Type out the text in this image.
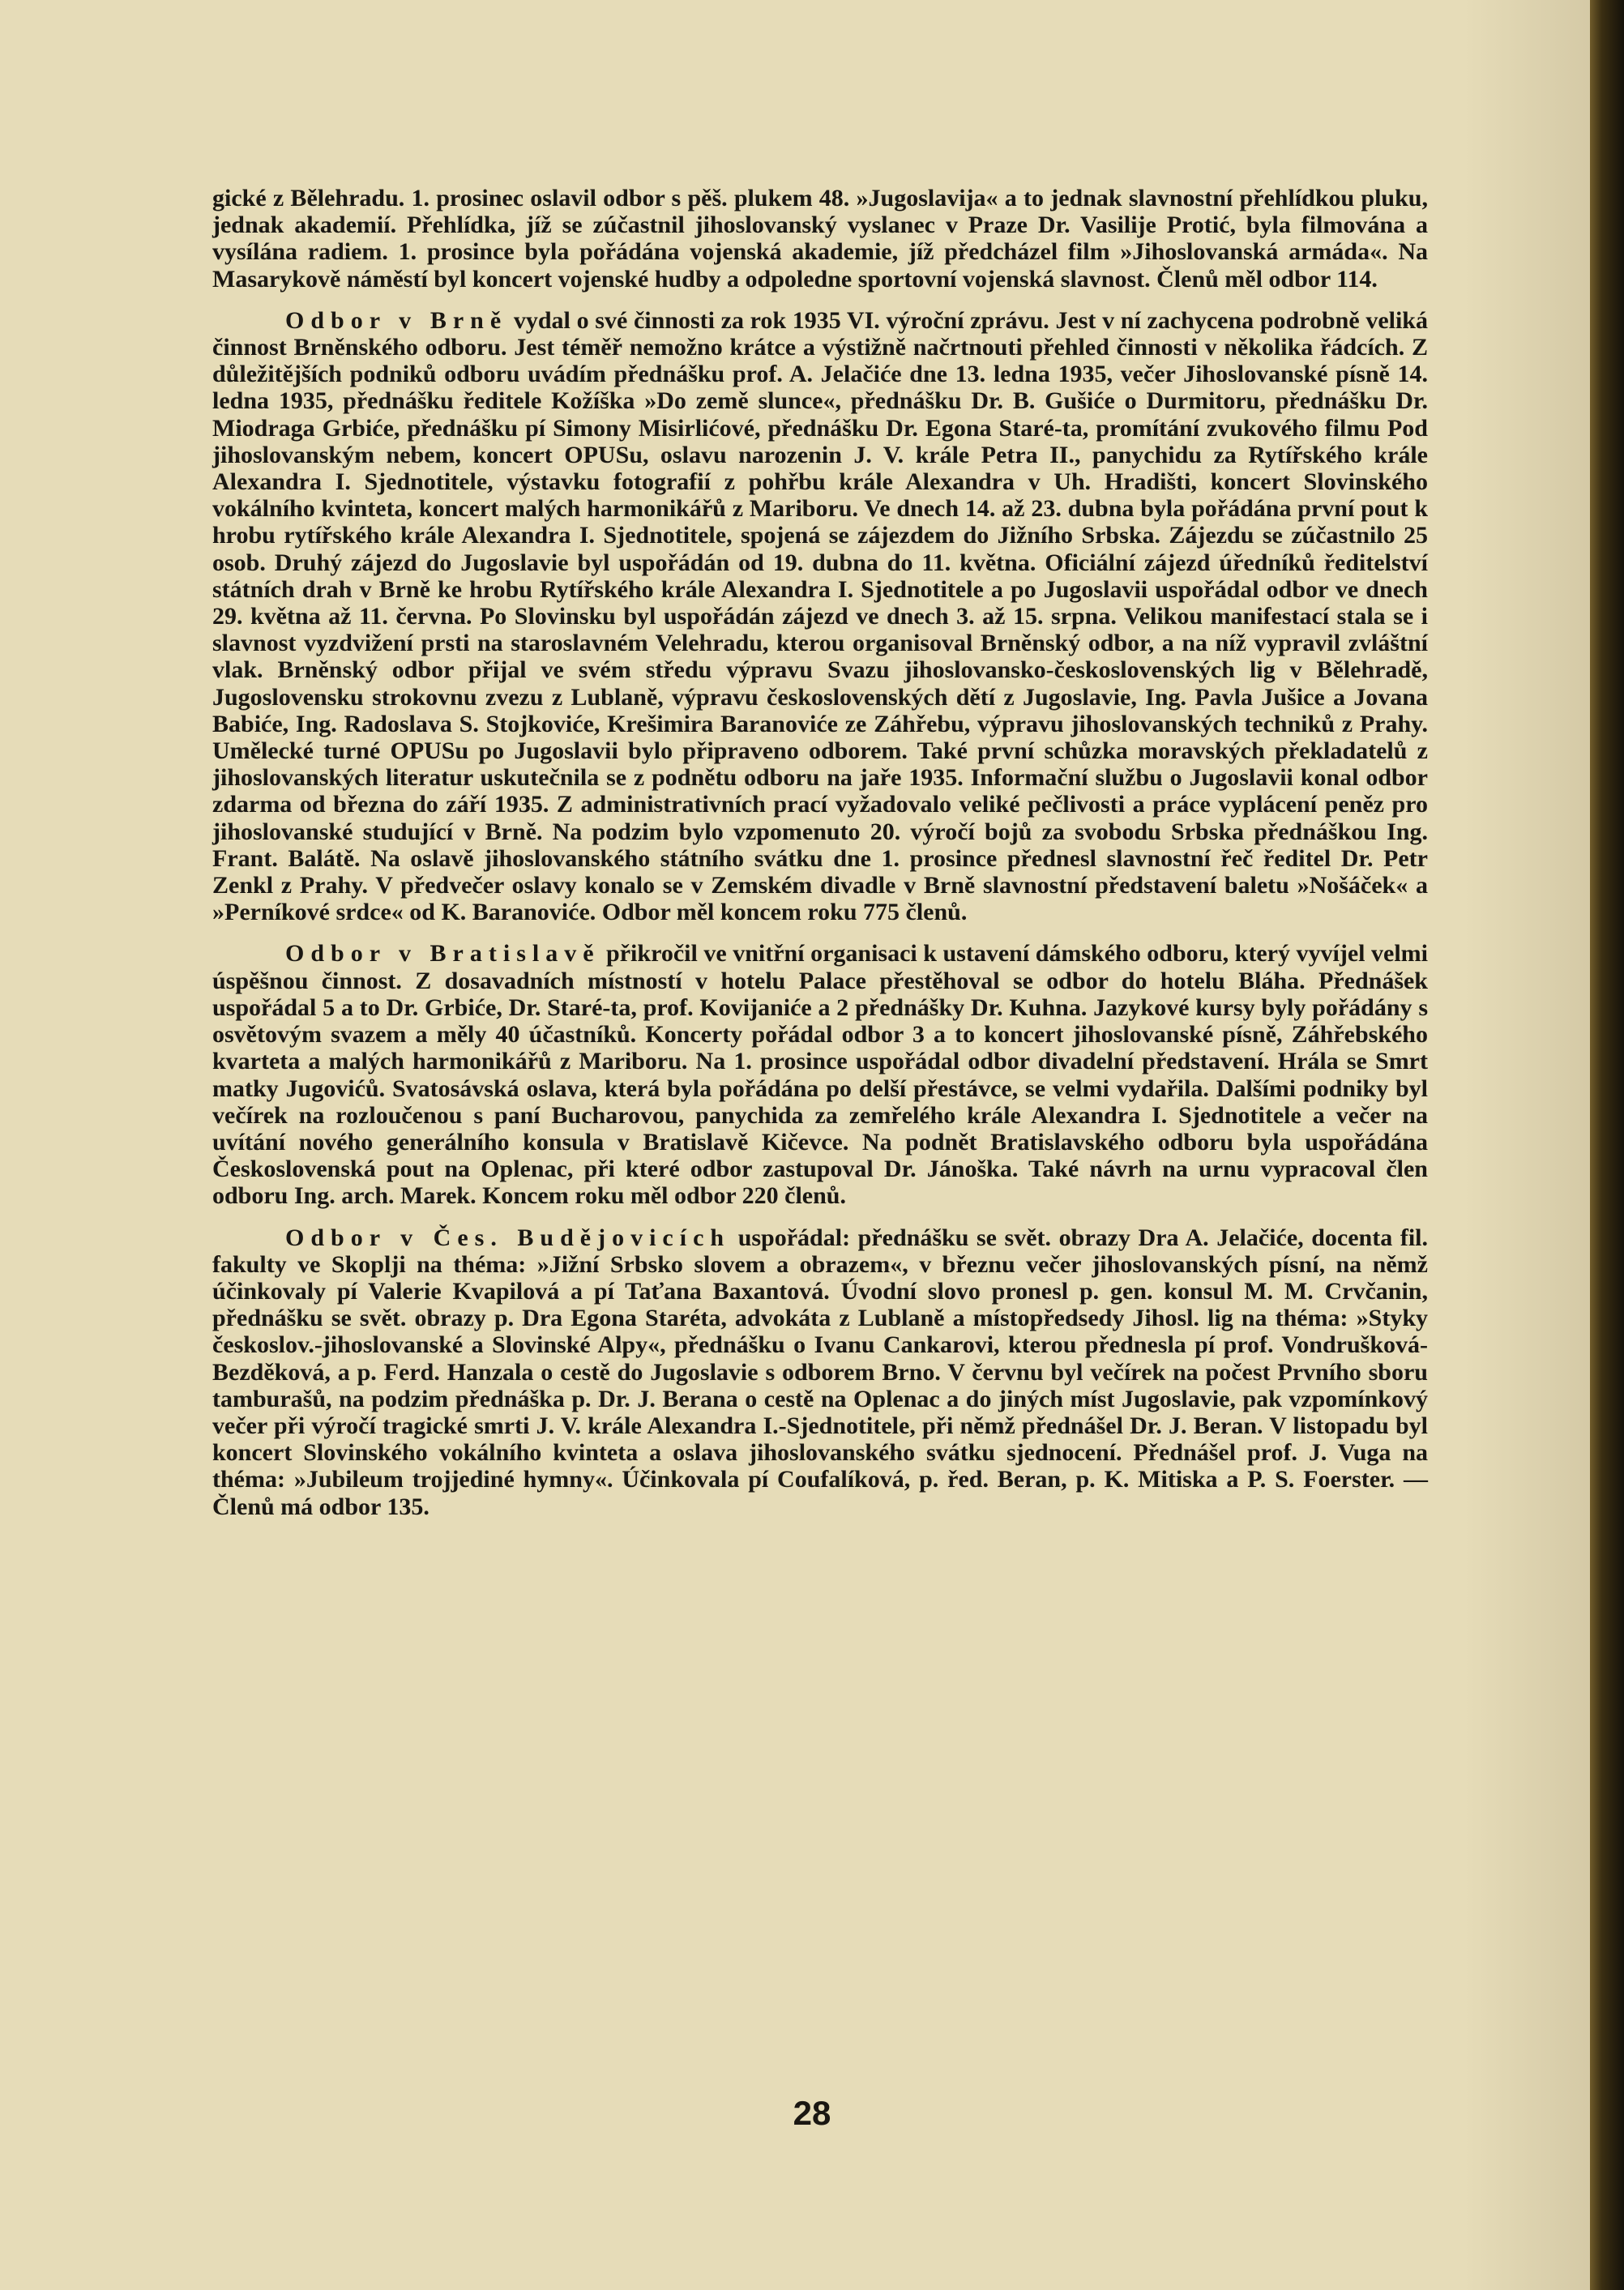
gické z Bělehradu. 1. prosinec oslavil odbor s pěš. plukem 48. »Jugoslavija« a to jednak slavnostní přehlídkou pluku, jednak akademií. Přehlídka, jíž se zúčastnil jihoslovanský vyslanec v Praze Dr. Vasilije Protić, byla filmována a vysílána radiem. 1. prosince byla pořádána vojenská akademie, jíž předcházel film »Jihoslovanská armáda«. Na Masarykově náměstí byl koncert vojenské hudby a odpoledne sportovní vojenská slavnost. Členů měl odbor 114.

Odbor v Brně vydal o své činnosti za rok 1935 VI. výroční zprávu. Jest v ní zachycena podrobně veliká činnost Brněnského odboru. Jest téměř nemožno krátce a výstižně načrtnouti přehled činnosti v několika řádcích. Z důležitějších podniků odboru uvádím přednášku prof. A. Jelačiće dne 13. ledna 1935, večer Jihoslovanské písně 14. ledna 1935, přednášku ředitele Kožíška »Do země slunce«, přednášku Dr. B. Gušiće o Durmitoru, přednášku Dr. Miodraga Grbiće, přednášku pí Simony Misirlićové, přednášku Dr. Egona Staré-ta, promítání zvukového filmu Pod jihoslovanským nebem, koncert OPUSu, oslavu narozenin J. V. krále Petra II., panychidu za Rytířského krále Alexandra I. Sjednotitele, výstavku fotografií z pohřbu krále Alexandra v Uh. Hradišti, koncert Slovinského vokálního kvinteta, koncert malých harmonikářů z Mariboru. Ve dnech 14. až 23. dubna byla pořádána první pout k hrobu rytířského krále Alexandra I. Sjednotitele, spojená se zájezdem do Jižního Srbska. Zájezdu se zúčastnilo 25 osob. Druhý zájezd do Jugoslavie byl uspořádán od 19. dubna do 11. května. Oficiální zájezd úředníků ředitelství státních drah v Brně ke hrobu Rytířského krále Alexandra I. Sjednotitele a po Jugoslavii uspořádal odbor ve dnech 29. května až 11. června. Po Slovinsku byl uspořádán zájezd ve dnech 3. až 15. srpna. Velikou manifestací stala se i slavnost vyzdvižení prsti na staroslavném Velehradu, kterou organisoval Brněnský odbor, a na níž vypravil zvláštní vlak. Brněnský odbor přijal ve svém středu výpravu Svazu jihoslovansko-československých lig v Bělehradě, Jugoslovensku strokovnu zvezu z Lublaně, výpravu československých dětí z Jugoslavie, Ing. Pavla Jušice a Jovana Babiće, Ing. Radoslava S. Stojkoviće, Krešimira Baranoviće ze Záhřebu, výpravu jihoslovanských techniků z Prahy. Umělecké turné OPUSu po Jugoslavii bylo připraveno odborem. Také první schůzka moravských překladatelů z jihoslovanských literatur uskutečnila se z podnětu odboru na jaře 1935. Informační službu o Jugoslavii konal odbor zdarma od března do září 1935. Z administrativních prací vyžadovalo veliké pečlivosti a práce vyplácení peněz pro jihoslovanské studující v Brně. Na podzim bylo vzpomenuto 20. výročí bojů za svobodu Srbska přednáškou Ing. Frant. Balátě. Na oslavě jihoslovanského státního svátku dne 1. prosince přednesl slavnostní řeč ředitel Dr. Petr Zenkl z Prahy. V předvečer oslavy konalo se v Zemském divadle v Brně slavnostní představení baletu »Nošáček« a »Perníkové srdce« od K. Baranoviće. Odbor měl koncem roku 775 členů.

Odbor v Bratislavě přikročil ve vnitřní organisaci k ustavení dámského odboru, který vyvíjel velmi úspěšnou činnost. Z dosavadních místností v hotelu Palace přestěhoval se odbor do hotelu Bláha. Přednášek uspořádal 5 a to Dr. Grbiće, Dr. Staré-ta, prof. Kovijaniće a 2 přednášky Dr. Kuhna. Jazykové kursy byly pořádány s osvětovým svazem a měly 40 účastníků. Koncerty pořádal odbor 3 a to koncert jihoslovanské písně, Záhřebského kvarteta a malých harmonikářů z Mariboru. Na 1. prosince uspořádal odbor divadelní představení. Hrála se Smrt matky Jugovićů. Svatosávská oslava, která byla pořádána po delší přestávce, se velmi vydařila. Dalšími podniky byl večírek na rozloučenou s paní Bucharovou, panychida za zemřelého krále Alexandra I. Sjednotitele a večer na uvítání nového generálního konsula v Bratislavě Kičevce. Na podnět Bratislavského odboru byla uspořádána Československá pout na Oplenac, při které odbor zastupoval Dr. Jánoška. Také návrh na urnu vypracoval člen odboru Ing. arch. Marek. Koncem roku měl odbor 220 členů.

Odbor v Čes. Budějovicích uspořádal: přednášku se svět. obrazy Dra A. Jelačiće, docenta fil. fakulty ve Skoplji na théma: »Jižní Srbsko slovem a obrazem«, v březnu večer jihoslovanských písní, na němž účinkovaly pí Valerie Kvapilová a pí Taťana Baxantová. Úvodní slovo pronesl p. gen. konsul M. M. Crvčanin, přednášku se svět. obrazy p. Dra Egona Staréta, advokáta z Lublaně a místopředsedy Jihosl. lig na théma: »Styky českoslov.-jihoslovanské a Slovinské Alpy«, přednášku o Ivanu Cankarovi, kterou přednesla pí prof. Vondrušková-Bezděková, a p. Ferd. Hanzala o cestě do Jugoslavie s odborem Brno. V červnu byl večírek na počest Prvního sboru tamburašů, na podzim přednáška p. Dr. J. Berana o cestě na Oplenac a do jiných míst Jugoslavie, pak vzpomínkový večer při výročí tragické smrti J. V. krále Alexandra I.-Sjednotitele, při němž přednášel Dr. J. Beran. V listopadu byl koncert Slovinského vokálního kvinteta a oslava jihoslovanského svátku sjednocení. Přednášel prof. J. Vuga na théma: »Jubileum trojjediné hymny«. Účinkovala pí Coufalíková, p. řed. Beran, p. K. Mitiska a P. S. Foerster. — Členů má odbor 135.

28
